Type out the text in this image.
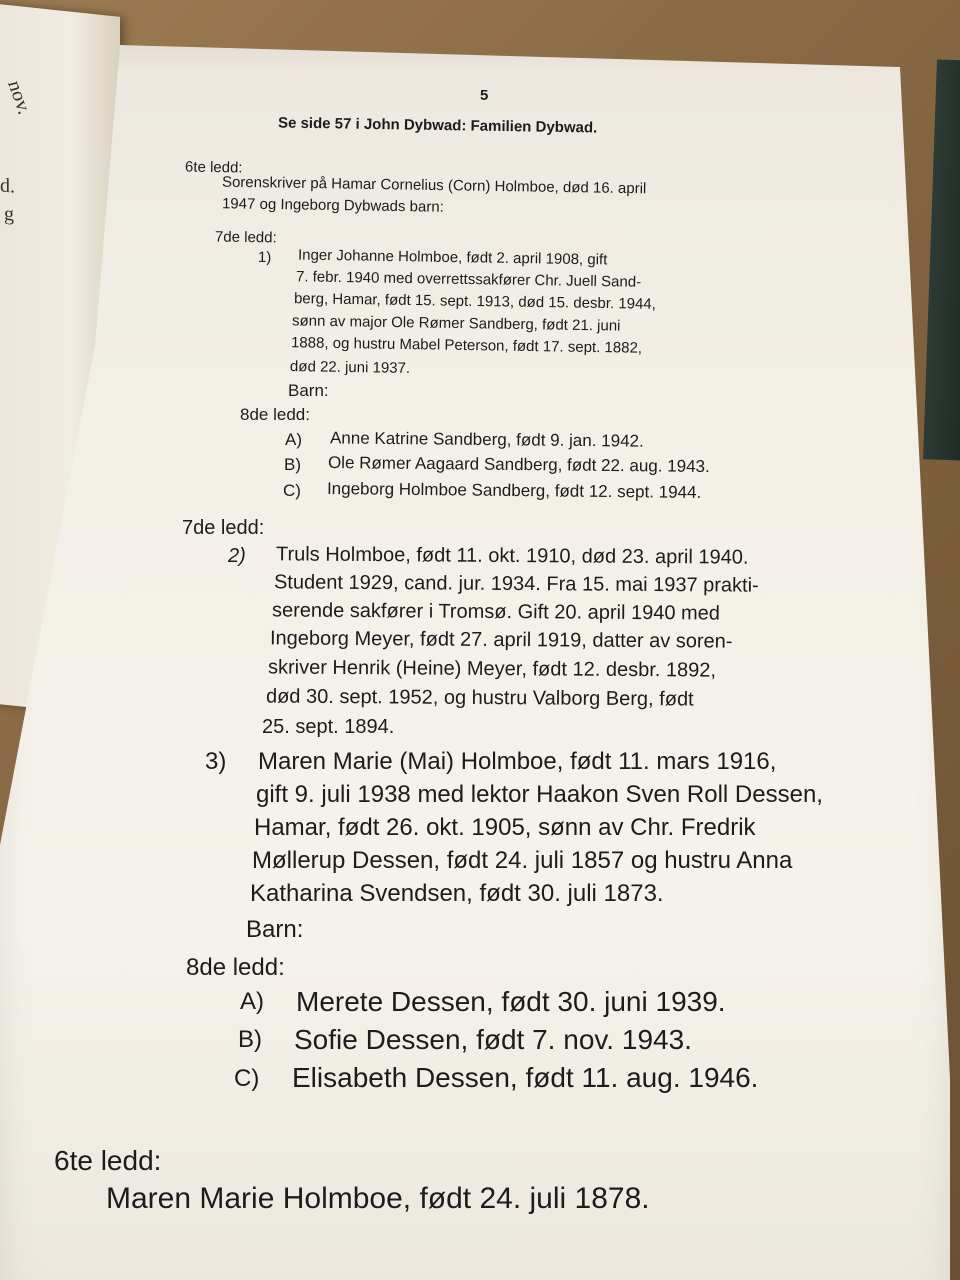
nov.
d.
g
5
Se side 57 i John Dybwad: Familien Dybwad.
6te ledd:
Sorenskriver på Hamar Cornelius (Corn) Holmboe, død 16. april
1947 og Ingeborg Dybwads barn:
7de ledd:
1) Inger Johanne Holmboe, født 2. april 1908, gift
7. febr. 1940 med overrettssakfører Chr. Juell Sand-
berg, Hamar, født 15. sept. 1913, død 15. desbr. 1944,
sønn av major Ole Rømer Sandberg, født 21. juni
1888, og hustru Mabel Peterson, født 17. sept. 1882,
død 22. juni 1937.
Barn:
8de ledd:
A) Anne Katrine Sandberg, født 9. jan. 1942.
B) Ole Rømer Aagaard Sandberg, født 22. aug. 1943.
C) Ingeborg Holmboe Sandberg, født 12. sept. 1944.
7de ledd:
2) Truls Holmboe, født 11. okt. 1910, død 23. april 1940.
Student 1929, cand. jur. 1934. Fra 15. mai 1937 prakti-
serende sakfører i Tromsø. Gift 20. april 1940 med
Ingeborg Meyer, født 27. april 1919, datter av soren-
skriver Henrik (Heine) Meyer, født 12. desbr. 1892,
død 30. sept. 1952, og hustru Valborg Berg, født
25. sept. 1894.
3) Maren Marie (Mai) Holmboe, født 11. mars 1916,
gift 9. juli 1938 med lektor Haakon Sven Roll Dessen,
Hamar, født 26. okt. 1905, sønn av Chr. Fredrik
Møllerup Dessen, født 24. juli 1857 og hustru Anna
Katharina Svendsen, født 30. juli 1873.
Barn:
8de ledd:
A) Merete Dessen, født 30. juni 1939.
B) Sofie Dessen, født 7. nov. 1943.
C) Elisabeth Dessen, født 11. aug. 1946.
6te ledd:
Maren Marie Holmboe, født 24. juli 1878.
